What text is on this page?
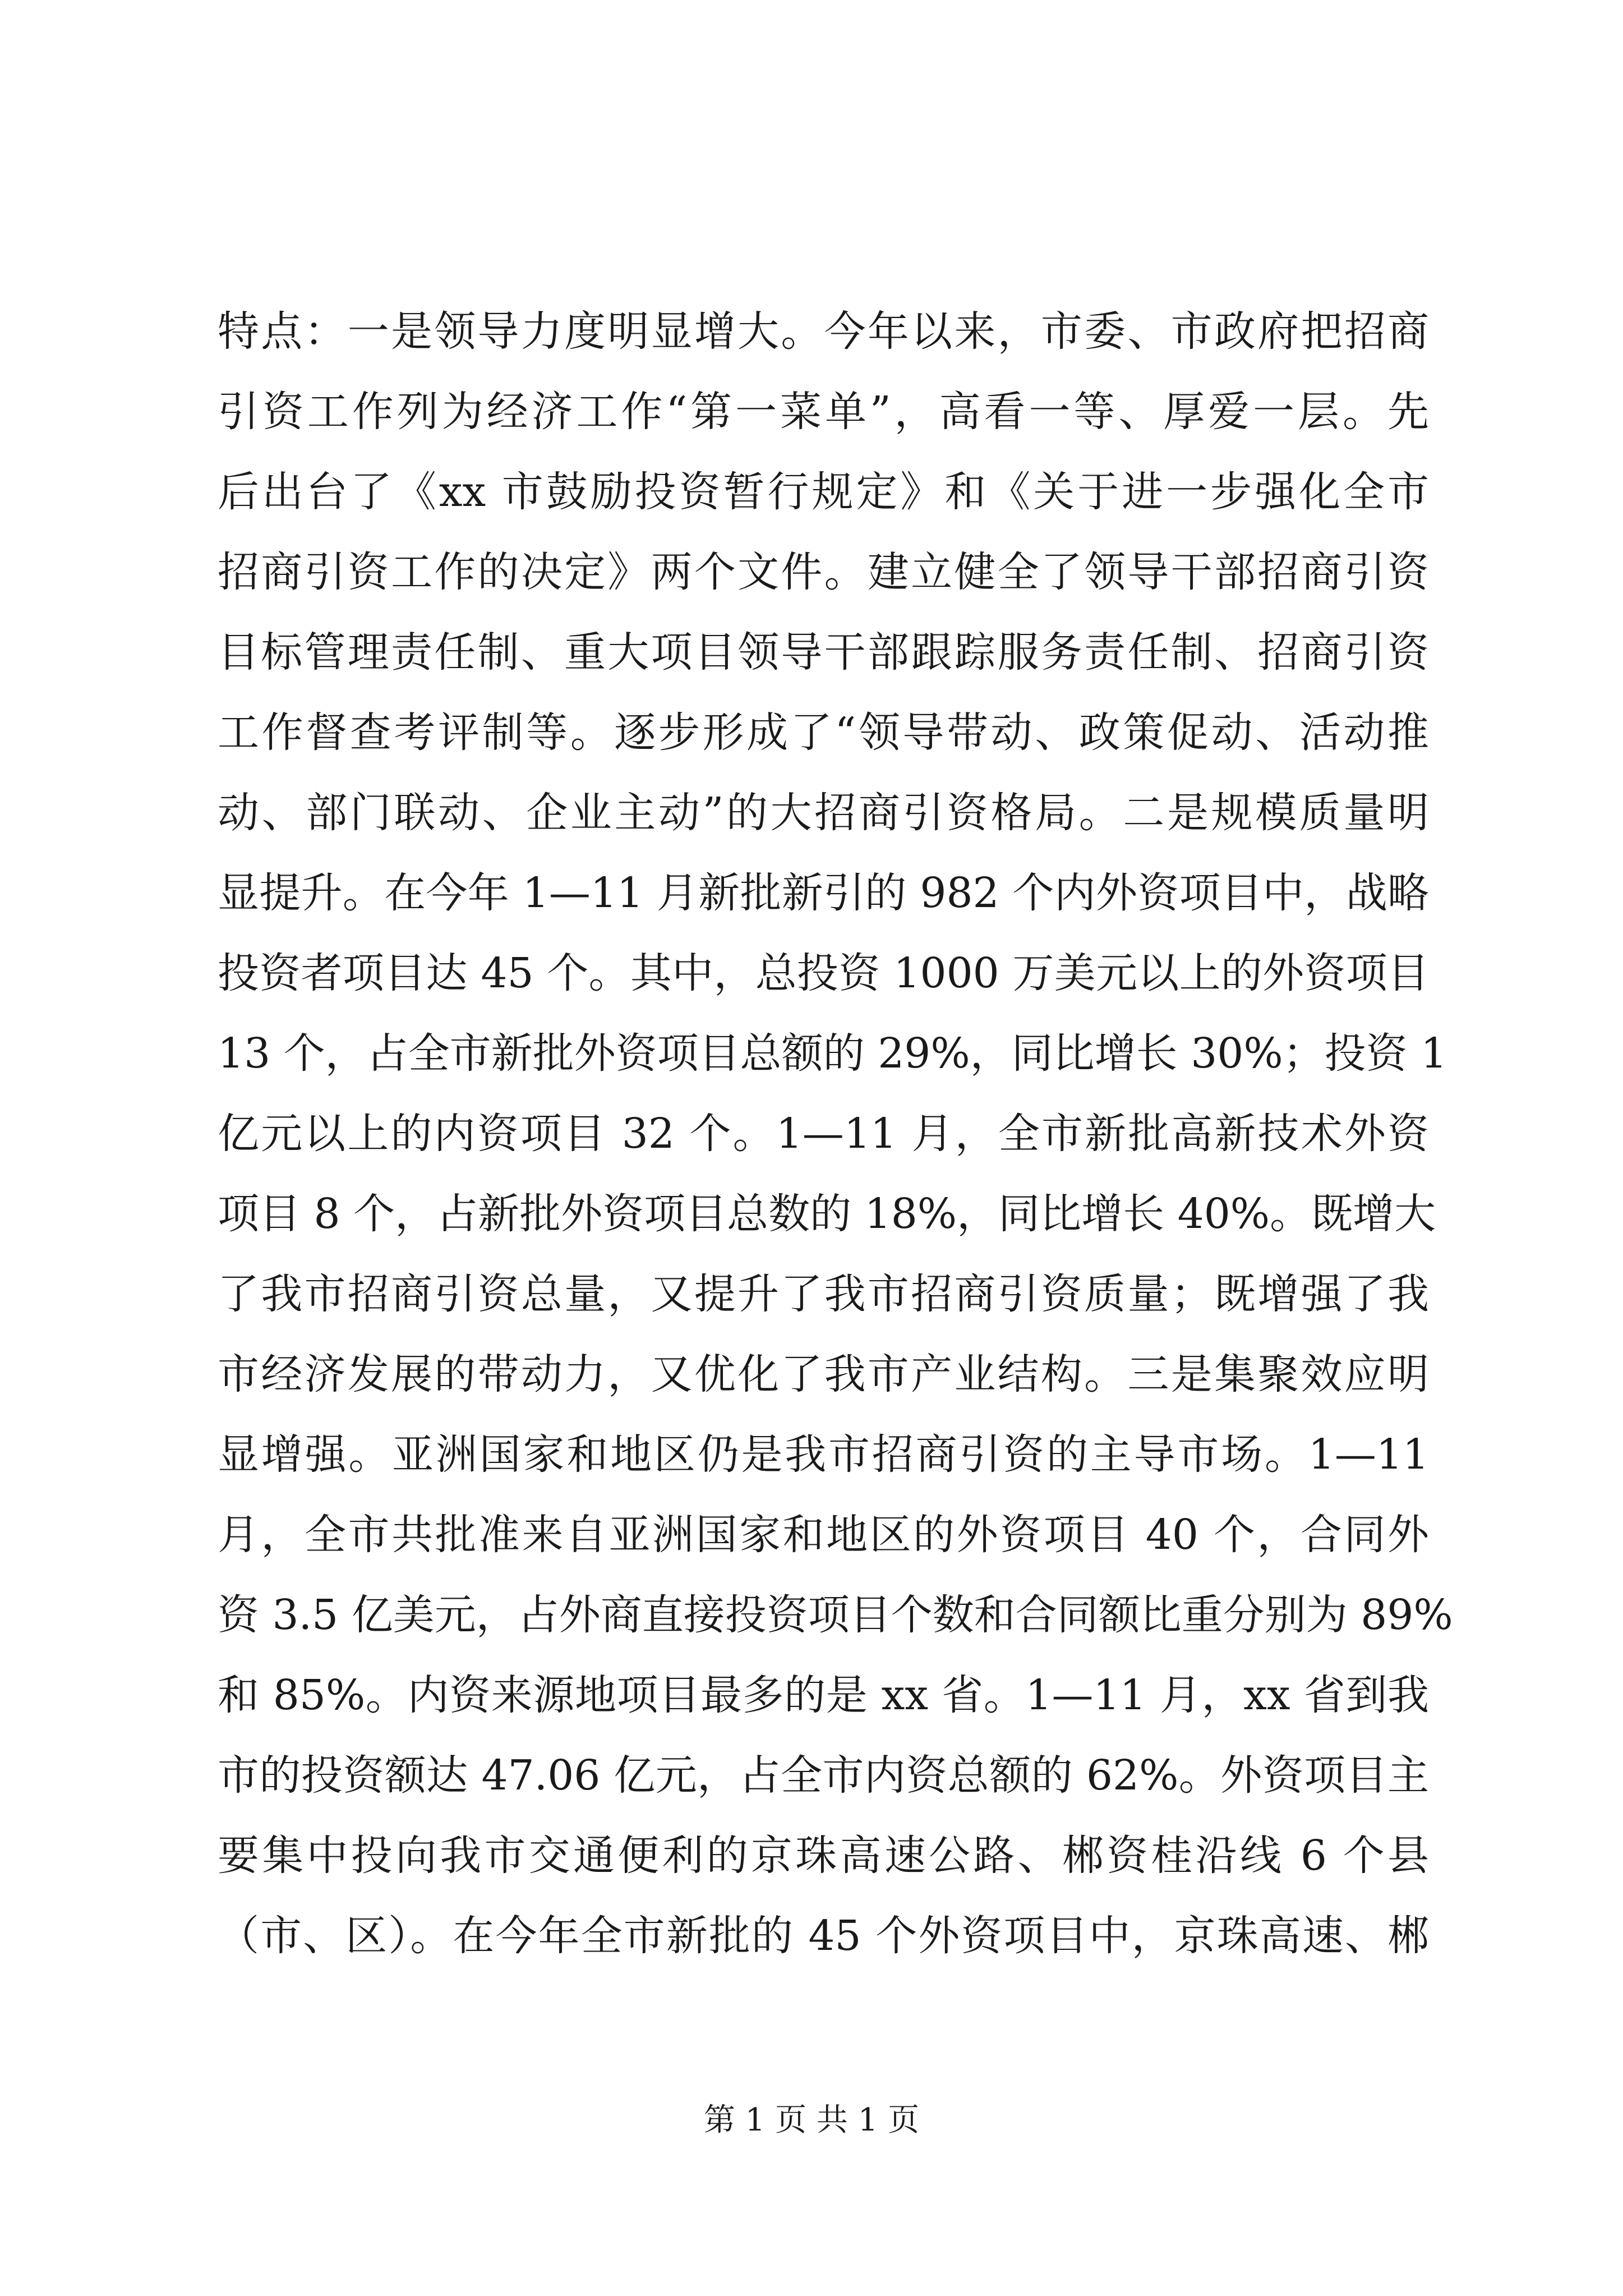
特点：一是领导力度明显增大。今年以来，市委、市政府把招商
引资工作列为经济工作“第一菜单”，高看一等、厚爱一层。先
后出台了《xx 市鼓励投资暂行规定》和《关于进一步强化全市
招商引资工作的决定》两个文件。建立健全了领导干部招商引资
目标管理责任制、重大项目领导干部跟踪服务责任制、招商引资
工作督查考评制等。逐步形成了“领导带动、政策促动、活动推
动、部门联动、企业主动”的大招商引资格局。二是规模质量明
显提升。在今年 1—11 月新批新引的 982 个内外资项目中，战略
投资者项目达 45 个。其中，总投资 1000 万美元以上的外资项目
13 个，占全市新批外资项目总额的 29%，同比增长 30%；投资 1
亿元以上的内资项目 32 个。1—11 月，全市新批高新技术外资
项目 8 个，占新批外资项目总数的 18%，同比增长 40%。既增大
了我市招商引资总量，又提升了我市招商引资质量；既增强了我
市经济发展的带动力，又优化了我市产业结构。三是集聚效应明
显增强。亚洲国家和地区仍是我市招商引资的主导市场。1—11
月，全市共批准来自亚洲国家和地区的外资项目 40 个，合同外
资 3.5 亿美元，占外商直接投资项目个数和合同额比重分别为 89%
和 85%。内资来源地项目最多的是 xx 省。1—11 月，xx 省到我
市的投资额达 47.06 亿元，占全市内资总额的 62%。外资项目主
要集中投向我市交通便利的京珠高速公路、郴资桂沿线 6 个县
（市、区）。在今年全市新批的 45 个外资项目中，京珠高速、郴
第 1 页 共 1 页
